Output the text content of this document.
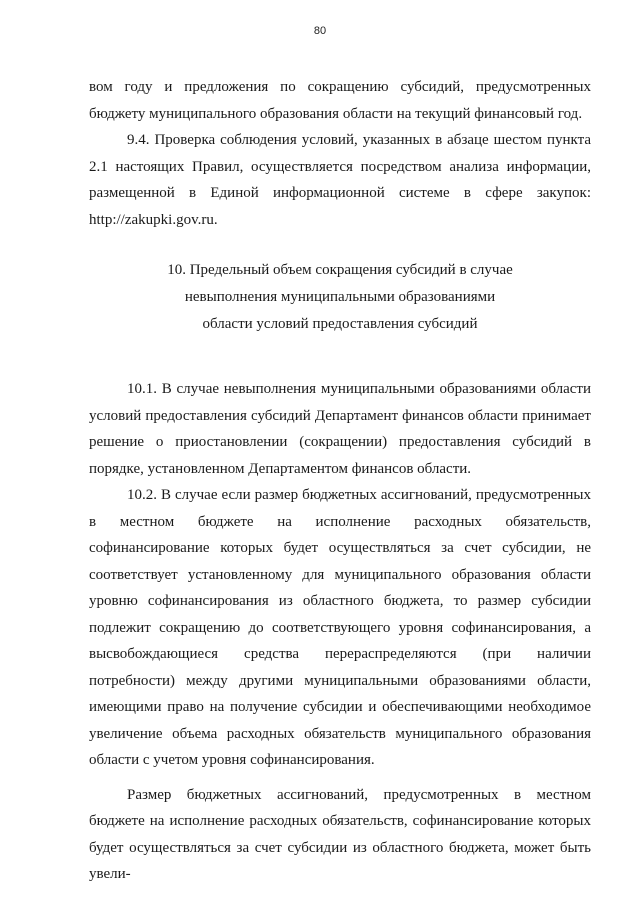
80

вом году и предложения по сокращению субсидий, предусмотренных бюджету муниципального образования области на текущий финансовый год.

9.4. Проверка соблюдения условий, указанных в абзаце шестом пункта 2.1 настоящих Правил, осуществляется посредством анализа информации, размещенной в Единой информационной системе в сфере закупок: http://zakupki.gov.ru.

10. Предельный объем сокращения субсидий в случае
невыполнения муниципальными образованиями
области условий предоставления субсидий

10.1. В случае невыполнения муниципальными образованиями области условий предоставления субсидий Департамент финансов области принимает решение о приостановлении (сокращении) предоставления субсидий в порядке, установленном Департаментом финансов области.

10.2. В случае если размер бюджетных ассигнований, предусмотренных в местном бюджете на исполнение расходных обязательств, софинансирование которых будет осуществляться за счет субсидии, не соответствует установленному для муниципального образования области уровню софинансирования из областного бюджета, то размер субсидии подлежит сокращению до соответствующего уровня софинансирования, а высвобождающиеся средства перераспределяются (при наличии потребности) между другими муниципальными образованиями области, имеющими право на получение субсидии и обеспечивающими необходимое увеличение объема расходных обязательств муниципального образования области с учетом уровня софинансирования.

Размер бюджетных ассигнований, предусмотренных в местном бюджете на исполнение расходных обязательств, софинансирование которых будет осуществляться за счет субсидии из областного бюджета, может быть увели-
